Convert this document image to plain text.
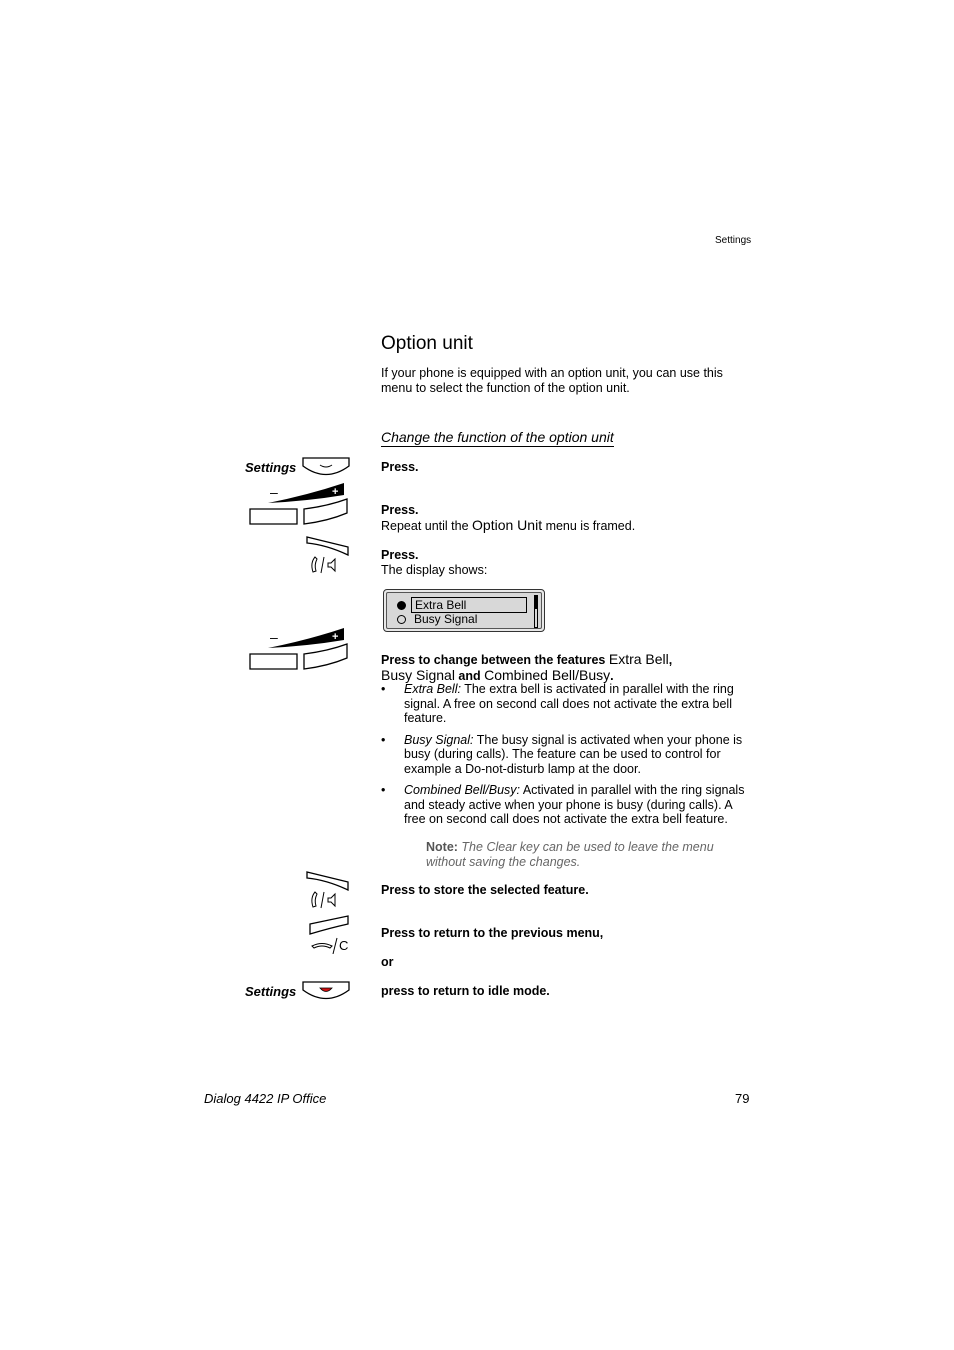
Settings
Option unit
If your phone is equipped with an option unit, you can use this menu to select the function of the option unit.
Change the function of the option unit
Settings	Press.
–	+
Press.
Repeat until the Option Unit menu is framed.
Press.
The display shows:
Extra Bell
Busy Signal
–	+
Press to change between the features Extra Bell,
Busy Signal and Combined Bell/Busy.
•	Extra Bell: The extra bell is activated in parallel with the ring signal. A free on second call does not activate the extra bell feature.
•	Busy Signal: The busy signal is activated when your phone is busy (during calls). The feature can be used to control for example a Do-not-disturb lamp at the door.
•	Combined Bell/Busy: Activated in parallel with the ring signals and steady active when your phone is busy (during calls). A free on second call does not activate the extra bell feature.
Note: The Clear key can be used to leave the menu without saving the changes.
Press to store the selected feature.
C
Press to return to the previous menu,
or
Settings	press to return to idle mode.
Dialog 4422 IP Office	79
